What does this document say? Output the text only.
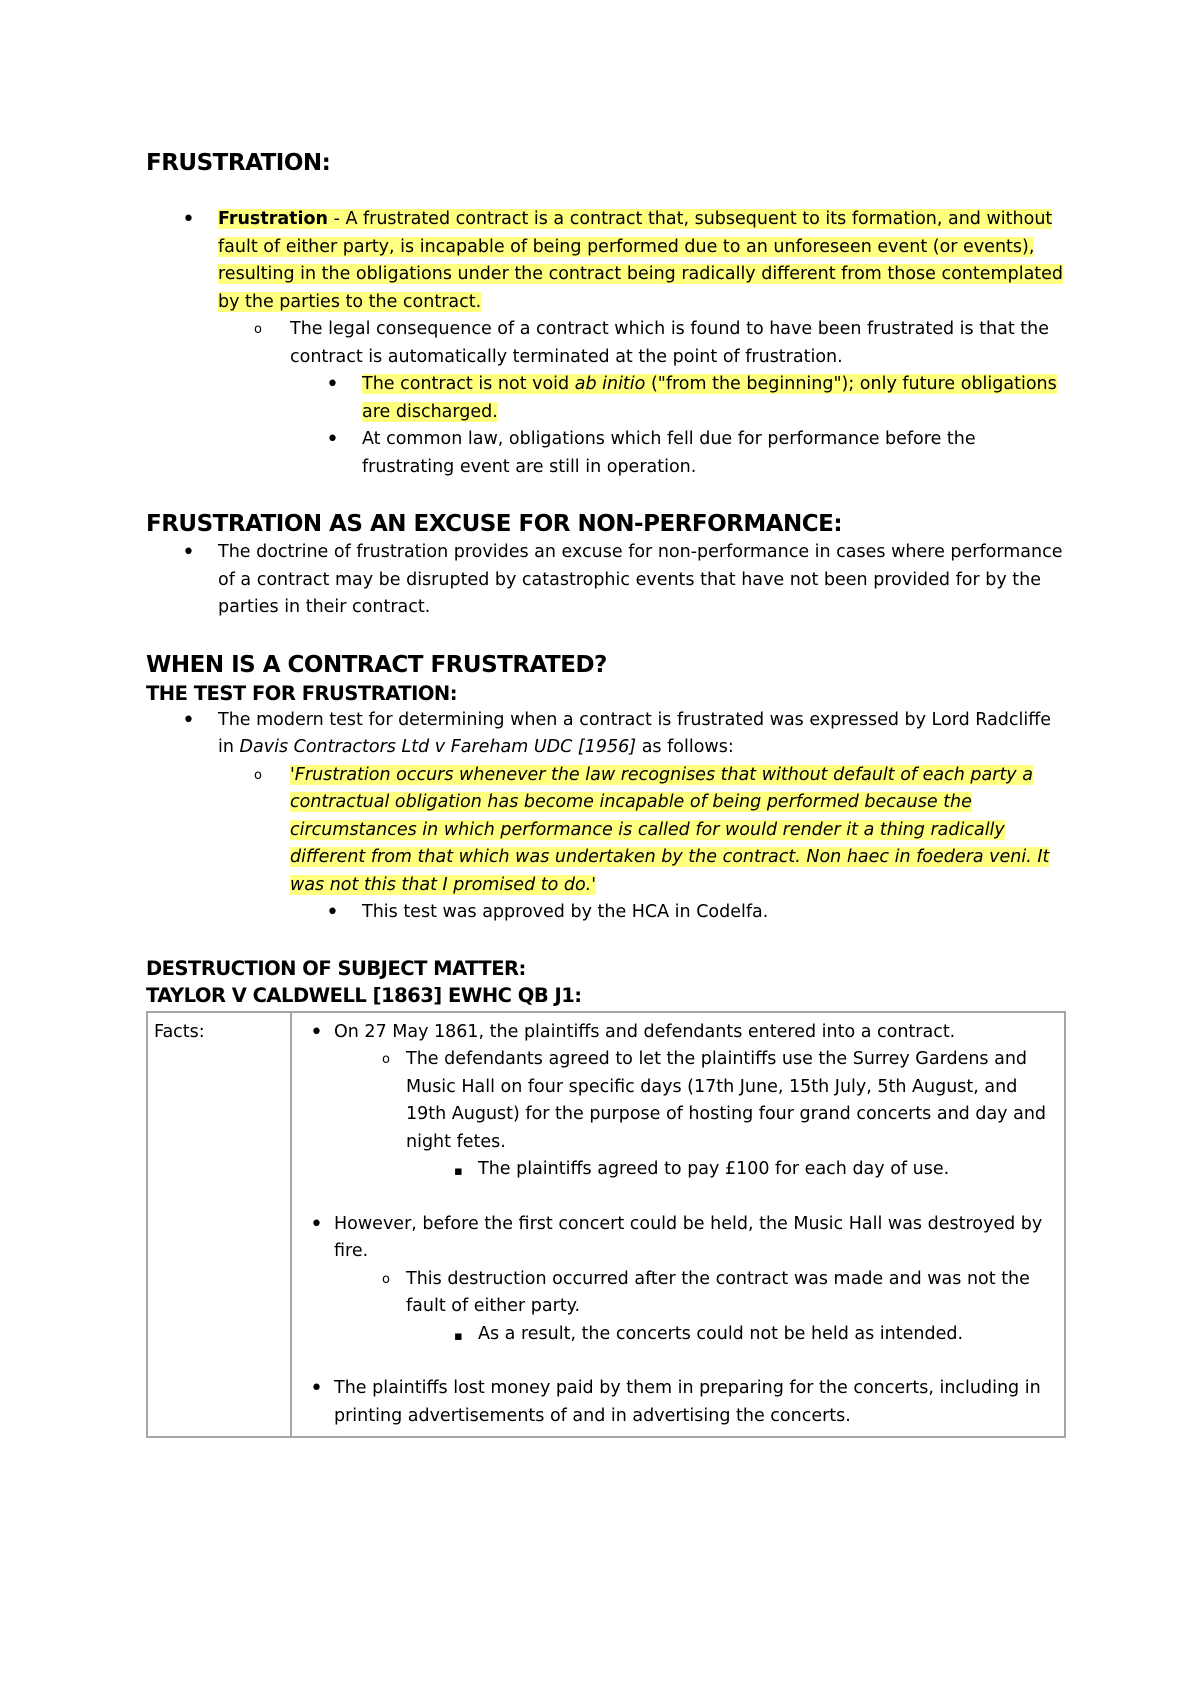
FRUSTRATION:
•
Frustration - A frustrated contract is a contract that, subsequent to its formation, and without fault of either party, is incapable of being performed due to an unforeseen event (or events), resulting in the obligations under the contract being radically different from those contemplated by the parties to the contract.
o
The legal consequence of a contract which is found to have been frustrated is that the contract is automatically terminated at the point of frustration.
•
The contract is not void ab initio ("from the beginning"); only future obligations are discharged.
•
At common law, obligations which fell due for performance before the frustrating event are still in operation.
FRUSTRATION AS AN EXCUSE FOR NON-PERFORMANCE:
•
The doctrine of frustration provides an excuse for non-performance in cases where performance of a contract may be disrupted by catastrophic events that have not been provided for by the parties in their contract.
WHEN IS A CONTRACT FRUSTRATED?
THE TEST FOR FRUSTRATION:
•
The modern test for determining when a contract is frustrated was expressed by Lord Radcliffe in Davis Contractors Ltd v Fareham UDC [1956] as follows:
o
'Frustration occurs whenever the law recognises that without default of each party a contractual obligation has become incapable of being performed because the circumstances in which performance is called for would render it a thing radically different from that which was undertaken by the contract. Non haec in foedera veni. It was not this that I promised to do.'
•
This test was approved by the HCA in Codelfa.
DESTRUCTION OF SUBJECT MATTER:
TAYLOR V CALDWELL [1863] EWHC QB J1:
Facts:	
•On 27 May 1861, the plaintiffs and defendants entered into a contract.
o
The defendants agreed to let the plaintiffs use the Surrey Gardens and Music Hall on four specific days (17th June, 15th July, 5th August, and 19th August) for the purpose of hosting four grand concerts and day and night fetes.
▪
The plaintiffs agreed to pay £100 for each day of use.
•
However, before the first concert could be held, the Music Hall was destroyed by fire.
o
This destruction occurred after the contract was made and was not the fault of either party.
▪
As a result, the concerts could not be held as intended.
•
The plaintiffs lost money paid by them in preparing for the concerts, including in printing advertisements of and in advertising the concerts.
